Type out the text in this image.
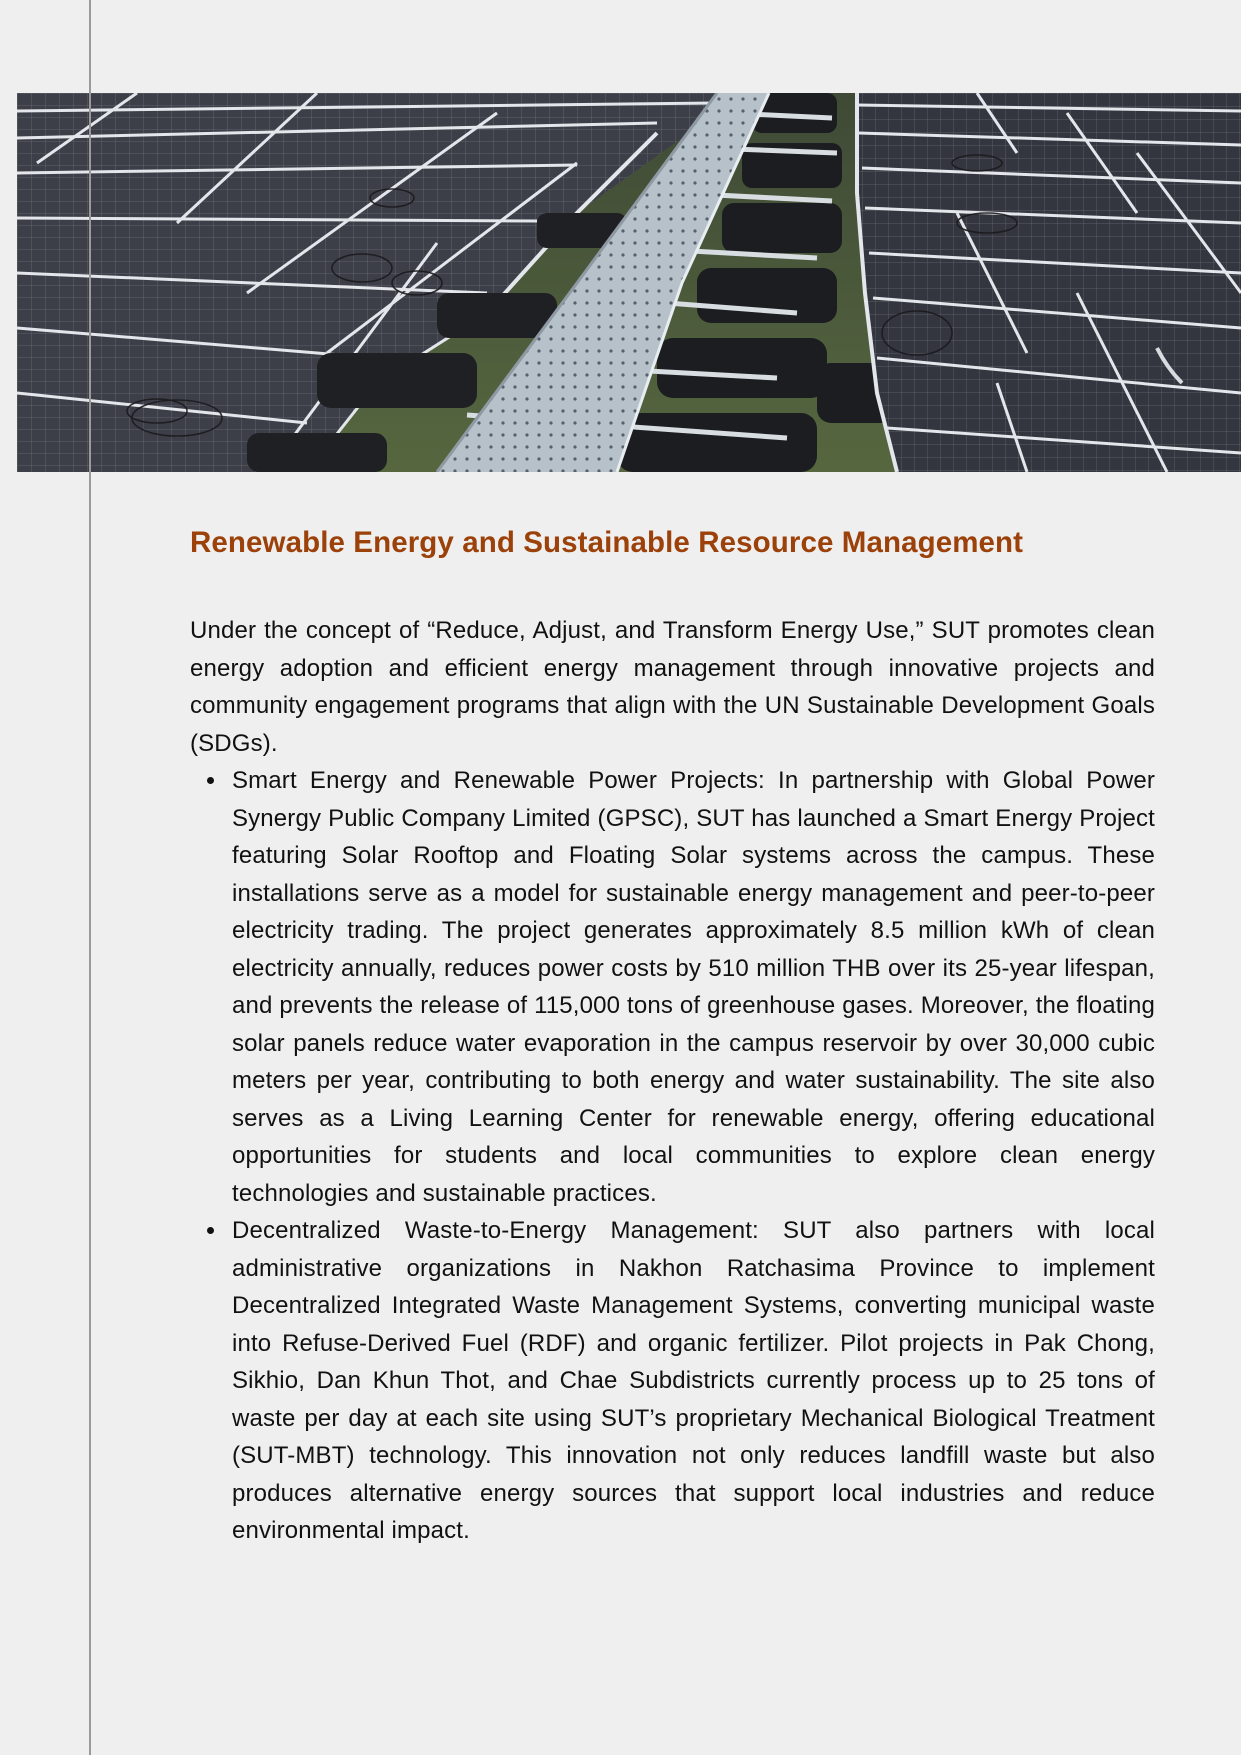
Renewable Energy and Sustainable Resource Management

Under the concept of “Reduce, Adjust, and Transform Energy Use,” SUT promotes clean energy adoption and efficient energy management through innovative projects and community engagement programs that align with the UN Sustainable Development Goals (SDGs).

Smart Energy and Renewable Power Projects: In partnership with Global Power Synergy Public Company Limited (GPSC), SUT has launched a Smart Energy Project featuring Solar Rooftop and Floating Solar systems across the campus. These installations serve as a model for sustainable energy management and peer-to-peer electricity trading. The project generates approximately 8.5 million kWh of clean electricity annually, reduces power costs by 510 million THB over its 25-year lifespan, and prevents the release of 115,000 tons of greenhouse gases. Moreover, the floating solar panels reduce water evaporation in the campus reservoir by over 30,000 cubic meters per year, contributing to both energy and water sustainability. The site also serves as a Living Learning Center for renewable energy, offering educational opportunities for students and local communities to explore clean energy technologies and sustainable practices.
Decentralized Waste-to-Energy Management: SUT also partners with local administrative organizations in Nakhon Ratchasima Province to implement Decentralized Integrated Waste Management Systems, converting municipal waste into Refuse-Derived Fuel (RDF) and organic fertilizer. Pilot projects in Pak Chong, Sikhio, Dan Khun Thot, and Chae Subdistricts currently process up to 25 tons of waste per day at each site using SUT’s proprietary Mechanical Biological Treatment (SUT-MBT) technology. This innovation not only reduces landfill waste but also produces alternative energy sources that support local industries and reduce environmental impact.
